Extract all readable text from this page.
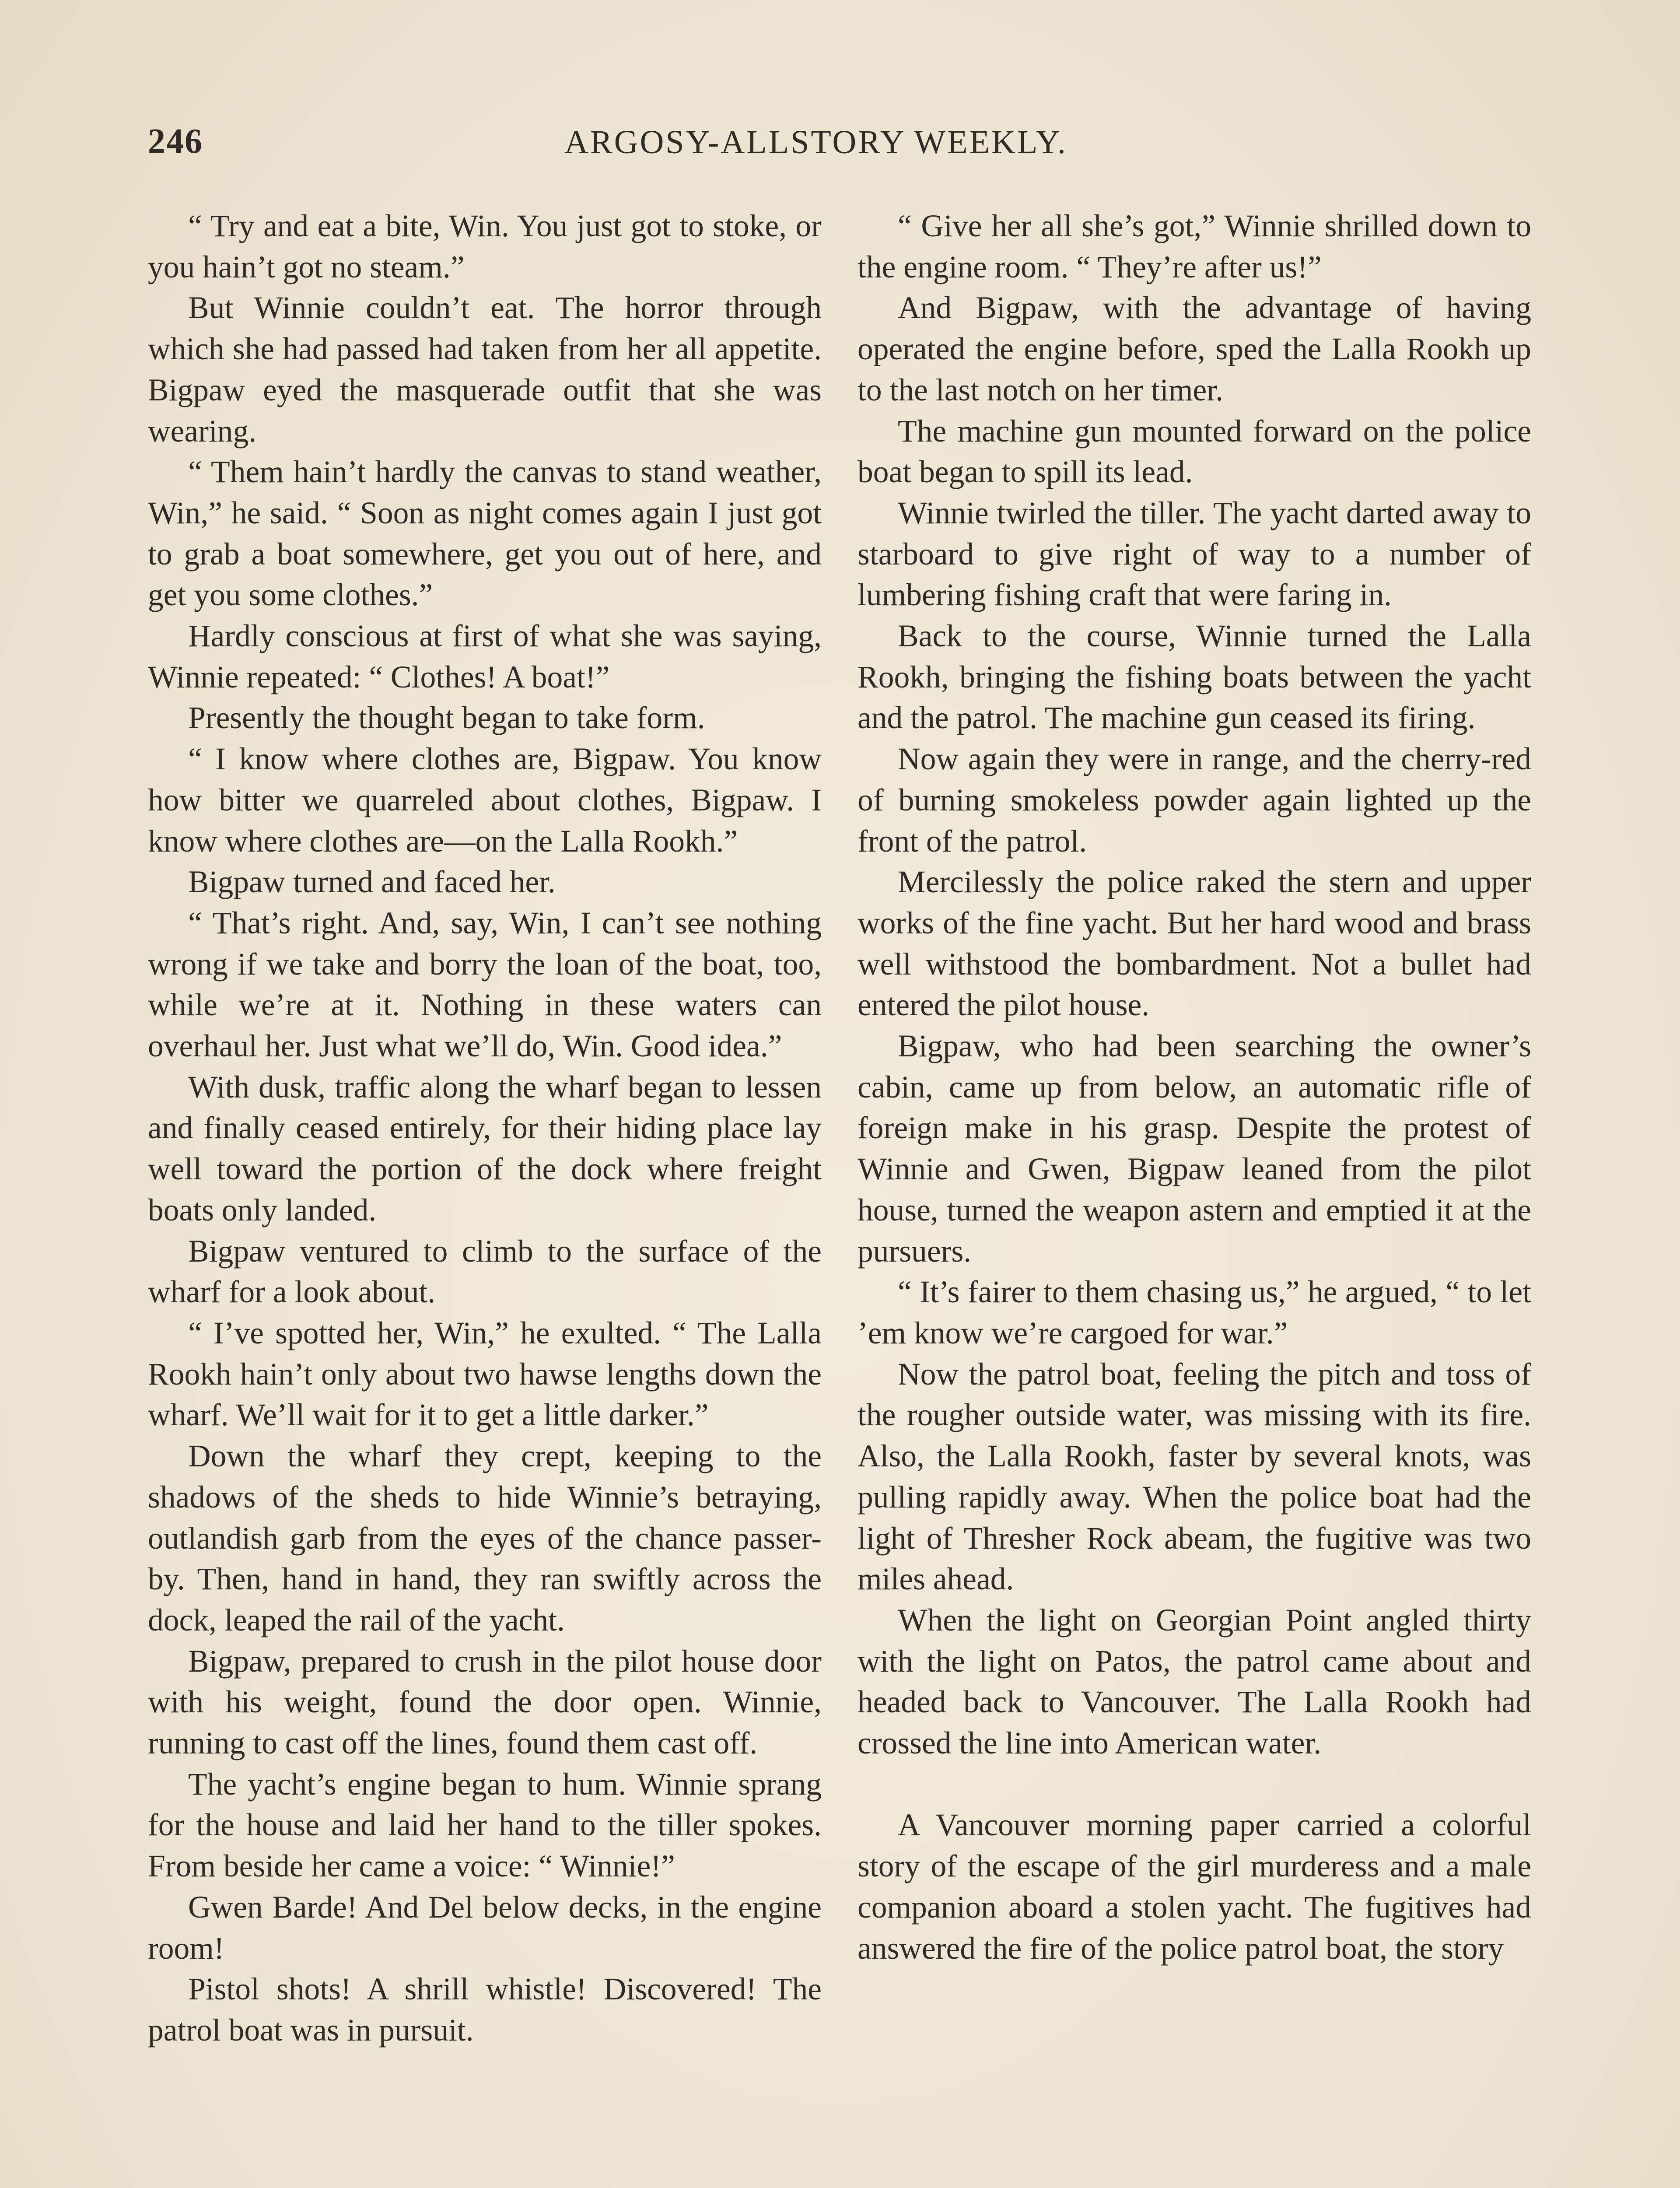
246	ARGOSY-ALLSTORY WEEKLY.

“ Try and eat a bite, Win. You just got to stoke, or you hain’t got no steam.”

But Winnie couldn’t eat. The horror through which she had passed had taken from her all appetite. Bigpaw eyed the masquerade outfit that she was wearing.

“ Them hain’t hardly the canvas to stand weather, Win,” he said. “ Soon as night comes again I just got to grab a boat somewhere, get you out of here, and get you some clothes.”

Hardly conscious at first of what she was saying, Winnie repeated: “ Clothes! A boat!”

Presently the thought began to take form.

“ I know where clothes are, Bigpaw. You know how bitter we quarreled about clothes, Bigpaw. I know where clothes are—on the Lalla Rookh.”

Bigpaw turned and faced her.

“ That’s right. And, say, Win, I can’t see nothing wrong if we take and borry the loan of the boat, too, while we’re at it. Nothing in these waters can overhaul her. Just what we’ll do, Win. Good idea.”

With dusk, traffic along the wharf began to lessen and finally ceased entirely, for their hiding place lay well toward the portion of the dock where freight boats only landed.

Bigpaw ventured to climb to the surface of the wharf for a look about.

“ I’ve spotted her, Win,” he exulted. “ The Lalla Rookh hain’t only about two hawse lengths down the wharf. We’ll wait for it to get a little darker.”

Down the wharf they crept, keeping to the shadows of the sheds to hide Winnie’s betraying, outlandish garb from the eyes of the chance passer-by. Then, hand in hand, they ran swiftly across the dock, leaped the rail of the yacht.

Bigpaw, prepared to crush in the pilot house door with his weight, found the door open. Winnie, running to cast off the lines, found them cast off.

The yacht’s engine began to hum. Winnie sprang for the house and laid her hand to the tiller spokes. From beside her came a voice: “ Winnie!”

Gwen Barde! And Del below decks, in the engine room!

Pistol shots! A shrill whistle! Discovered! The patrol boat was in pursuit.

“ Give her all she’s got,” Winnie shrilled down to the engine room. “ They’re after us!”

And Bigpaw, with the advantage of having operated the engine before, sped the Lalla Rookh up to the last notch on her timer.

The machine gun mounted forward on the police boat began to spill its lead.

Winnie twirled the tiller. The yacht darted away to starboard to give right of way to a number of lumbering fishing craft that were faring in.

Back to the course, Winnie turned the Lalla Rookh, bringing the fishing boats between the yacht and the patrol. The machine gun ceased its firing.

Now again they were in range, and the cherry-red of burning smokeless powder again lighted up the front of the patrol.

Mercilessly the police raked the stern and upper works of the fine yacht. But her hard wood and brass well withstood the bombardment. Not a bullet had entered the pilot house.

Bigpaw, who had been searching the owner’s cabin, came up from below, an automatic rifle of foreign make in his grasp. Despite the protest of Winnie and Gwen, Bigpaw leaned from the pilot house, turned the weapon astern and emptied it at the pursuers.

“ It’s fairer to them chasing us,” he argued, “ to let ’em know we’re cargoed for war.”

Now the patrol boat, feeling the pitch and toss of the rougher outside water, was missing with its fire. Also, the Lalla Rookh, faster by several knots, was pulling rapidly away. When the police boat had the light of Thresher Rock abeam, the fugitive was two miles ahead.

When the light on Georgian Point angled thirty with the light on Patos, the patrol came about and headed back to Vancouver. The Lalla Rookh had crossed the line into American water.

A Vancouver morning paper carried a colorful story of the escape of the girl murderess and a male companion aboard a stolen yacht. The fugitives had answered the fire of the police patrol boat, the story
